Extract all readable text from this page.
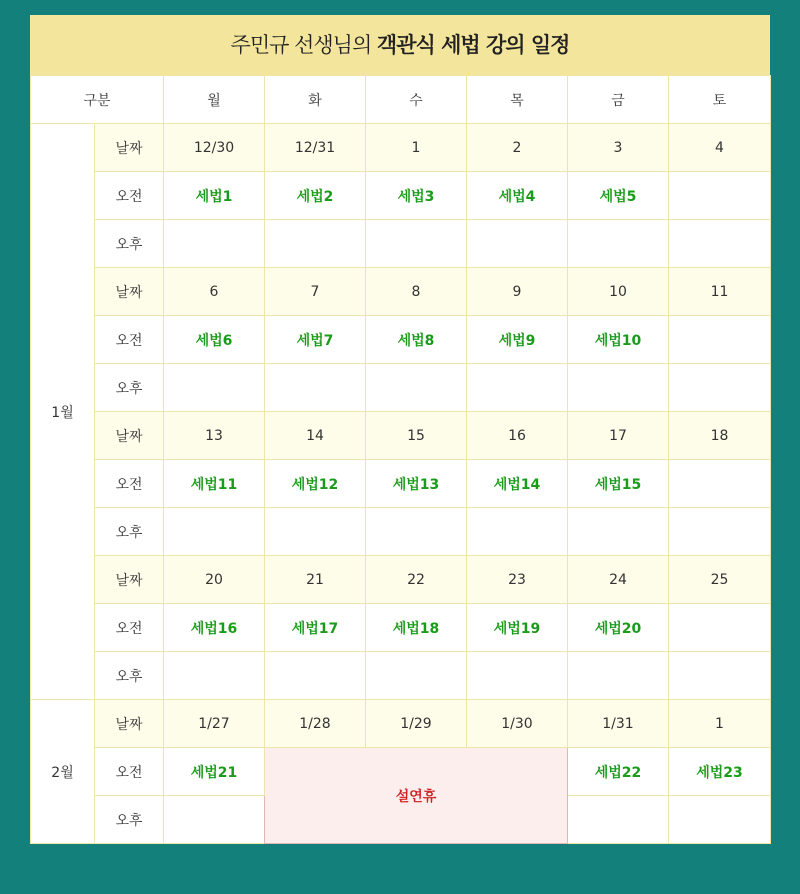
주민규 선생님의 객관식 세법 강의 일정
구분		월	화	수	목	금	토
1월	날짜	12/30	12/31	1	2	3	4
	오전	세법1	세법2	세법3	세법4	세법5	
	오후						
	날짜	6	7	8	9	10	11
	오전	세법6	세법7	세법8	세법9	세법10	
	오후						
	날짜	13	14	15	16	17	18
	오전	세법11	세법12	세법13	세법14	세법15	
	오후						
	날짜	20	21	22	23	24	25
	오전	세법16	세법17	세법18	세법19	세법20	
	오후						
2월	날짜	1/27	1/28	1/29	1/30	1/31	1
	오전	세법21	설연휴			세법22	세법23
	오후						
